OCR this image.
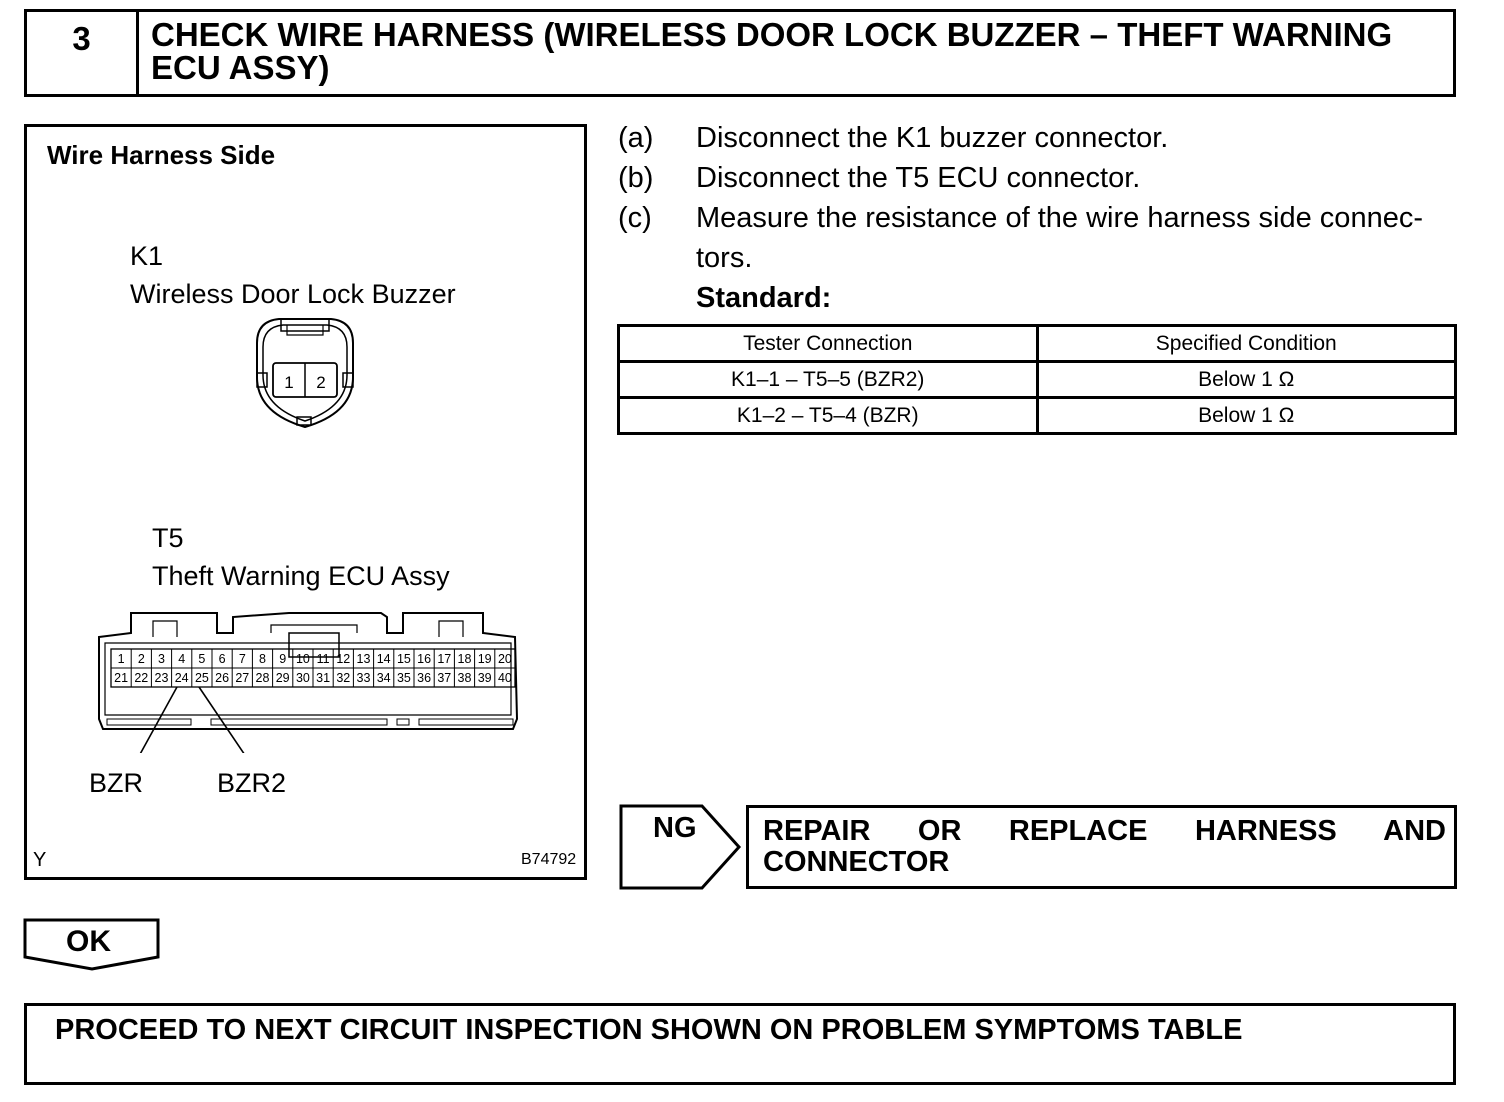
3	CHECK WIRE HARNESS (WIRELESS DOOR LOCK BUZZER – THEFT WARNING
ECU ASSY)
Wire Harness Side
K1
Wireless Door Lock Buzzer
1 2
T5
Theft Warning ECU Assy
1 2 3 4 5 6 7 8 9 10 11 12 13 14 15 16 17 18 19 20
21 22 23 24 25 26 27 28 29 30 31 32 33 34 35 36 37 38 39 40
BZR	BZR2
Y	B74792
(a) Disconnect the K1 buzzer connector.
(b) Disconnect the T5 ECU connector.
(c) Measure the resistance of the wire harness side connec-
tors.
Standard:
Tester Connection	Specified Condition
K1–1 – T5–5 (BZR2)	Below 1 Ω
K1–2 – T5–4 (BZR)	Below 1 Ω
NG REPAIR OR REPLACE HARNESS AND CONNECTOR
OK
PROCEED TO NEXT CIRCUIT INSPECTION SHOWN ON PROBLEM SYMPTOMS TABLE
